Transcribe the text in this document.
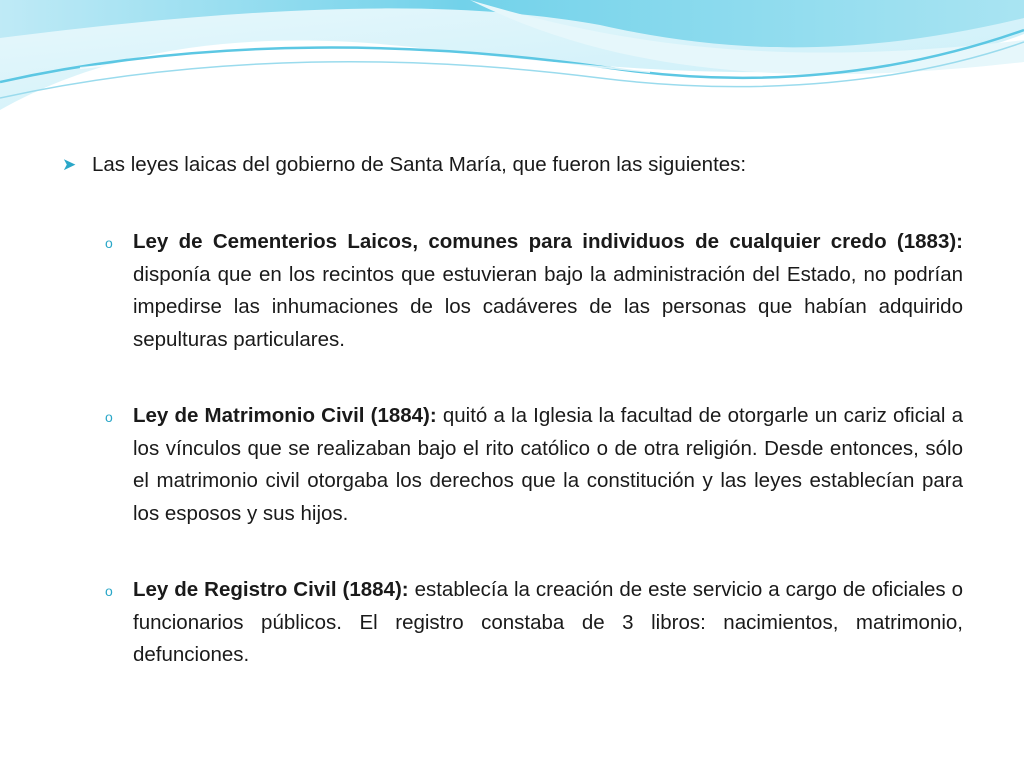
➤ Las leyes laicas del gobierno de Santa María, que fueron las siguientes:
o Ley de Cementerios Laicos, comunes para individuos de cualquier credo (1883): disponía que en los recintos que estuvieran bajo la administración del Estado, no podrían impedirse las inhumaciones de los cadáveres de las personas que habían adquirido sepulturas particulares.
o Ley de Matrimonio Civil (1884): quitó a la Iglesia la facultad de otorgarle un cariz oficial a los vínculos que se realizaban bajo el rito católico o de otra religión. Desde entonces, sólo el matrimonio civil otorgaba los derechos que la constitución y las leyes establecían para los esposos y sus hijos.
o Ley de Registro Civil (1884): establecía la creación de este servicio a cargo de oficiales o funcionarios públicos. El registro constaba de 3 libros: nacimientos, matrimonio, defunciones.
